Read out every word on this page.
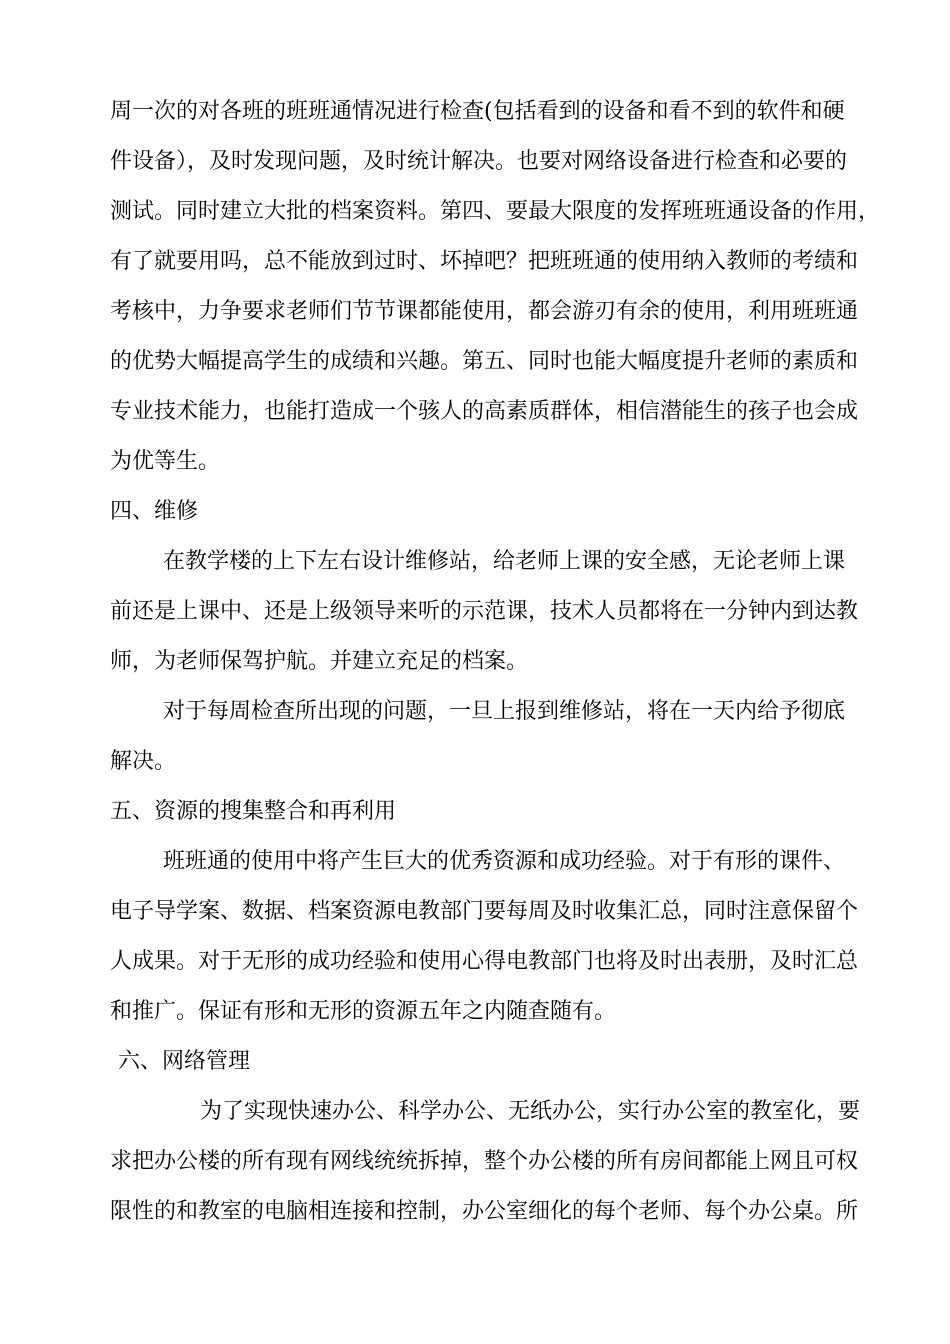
周一次的对各班的班班通情况进行检查(包括看到的设备和看不到的软件和硬
件设备），及时发现问题，及时统计解决。也要对网络设备进行检查和必要的
测试。同时建立大批的档案资料。第四、要最大限度的发挥班班通设备的作用，
有了就要用吗，总不能放到过时、坏掉吧？把班班通的使用纳入教师的考绩和
考核中，力争要求老师们节节课都能使用，都会游刃有余的使用，利用班班通
的优势大幅提高学生的成绩和兴趣。第五、同时也能大幅度提升老师的素质和
专业技术能力，也能打造成一个骇人的高素质群体，相信潜能生的孩子也会成
为优等生。
四、维修
在教学楼的上下左右设计维修站，给老师上课的安全感，无论老师上课
前还是上课中、还是上级领导来听的示范课，技术人员都将在一分钟内到达教
师，为老师保驾护航。并建立充足的档案。
对于每周检查所出现的问题，一旦上报到维修站，将在一天内给予彻底
解决。
五、资源的搜集整合和再利用
班班通的使用中将产生巨大的优秀资源和成功经验。对于有形的课件、
电子导学案、数据、档案资源电教部门要每周及时收集汇总，同时注意保留个
人成果。对于无形的成功经验和使用心得电教部门也将及时出表册，及时汇总
和推广。保证有形和无形的资源五年之内随查随有。
六、网络管理
为了实现快速办公、科学办公、无纸办公，实行办公室的教室化，要
求把办公楼的所有现有网线统统拆掉，整个办公楼的所有房间都能上网且可权
限性的和教室的电脑相连接和控制，办公室细化的每个老师、每个办公桌。所
